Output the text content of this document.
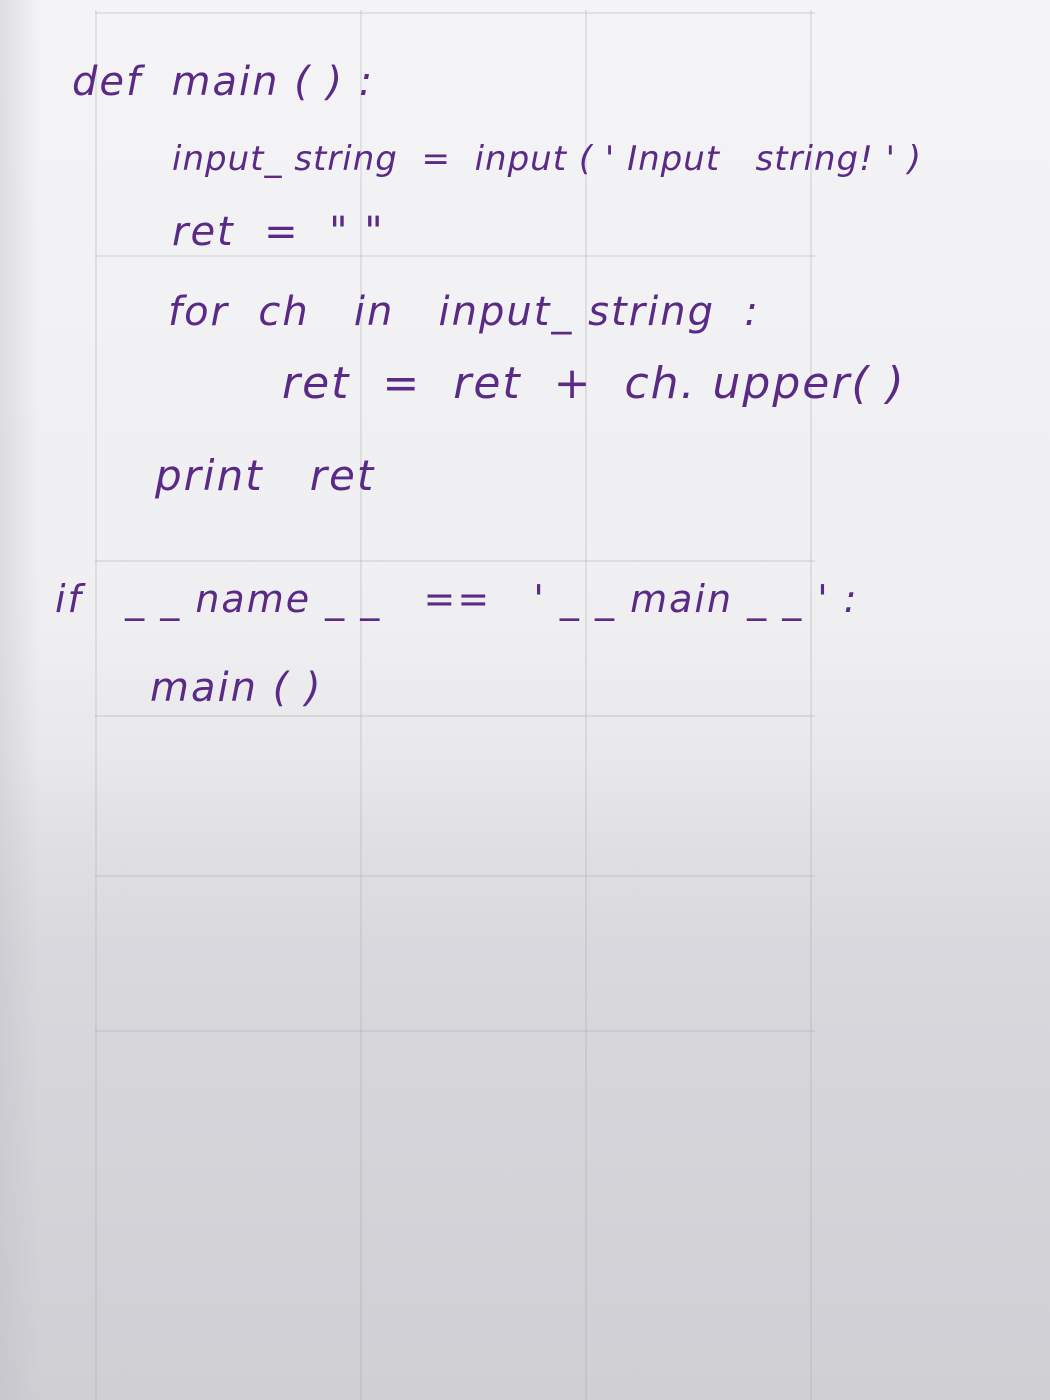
def  main ( ) :

input_ string  =  input ( ' Input   string! ' )

ret  =  " "

for  ch   in   input_ string  :

ret  =  ret  +  ch. upper( )

print   ret

if   _ _ name _ _   ==   ' _ _ main _ _ ' :

main ( )
